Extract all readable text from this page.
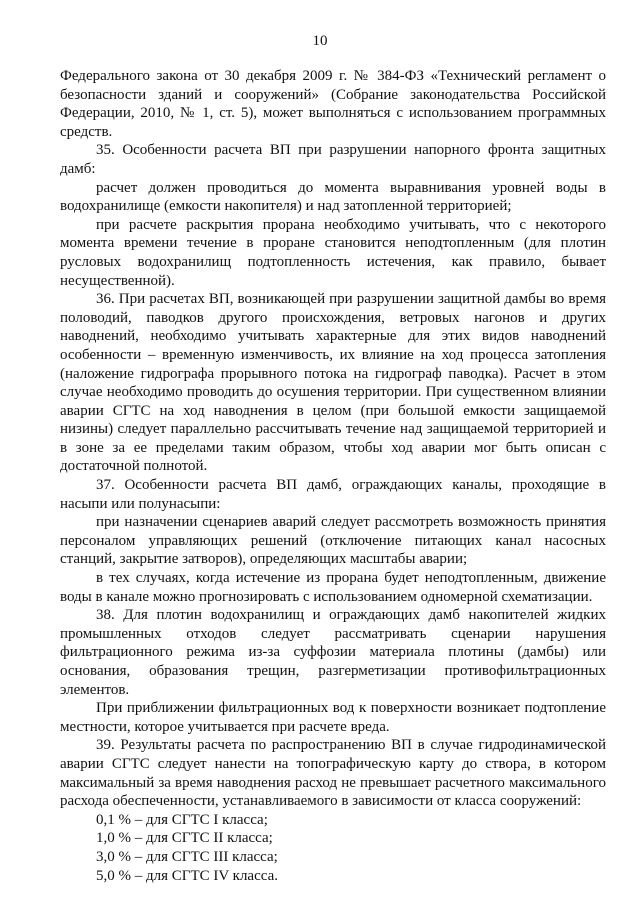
10

Федерального закона от 30 декабря 2009 г. № 384-ФЗ «Технический регламент о безопасности зданий и сооружений» (Собрание законодательства Российской Федерации, 2010, № 1, ст. 5), может выполняться с использованием программных средств.

35. Особенности расчета ВП при разрушении напорного фронта защитных дамб:

расчет должен проводиться до момента выравнивания уровней воды в водохранилище (емкости накопителя) и над затопленной территорией;

при расчете раскрытия прорана необходимо учитывать, что с некоторого момента времени течение в проране становится неподтопленным (для плотин русловых водохранилищ подтопленность истечения, как правило, бывает несущественной).

36. При расчетах ВП, возникающей при разрушении защитной дамбы во время половодий, паводков другого происхождения, ветровых нагонов и других наводнений, необходимо учитывать характерные для этих видов наводнений особенности – временную изменчивость, их влияние на ход процесса затопления (наложение гидрографа прорывного потока на гидрограф паводка). Расчет в этом случае необходимо проводить до осушения территории. При существенном влиянии аварии СГТС на ход наводнения в целом (при большой емкости защищаемой низины) следует параллельно рассчитывать течение над защищаемой территорией и в зоне за ее пределами таким образом, чтобы ход аварии мог быть описан с достаточной полнотой.

37. Особенности расчета ВП дамб, ограждающих каналы, проходящие в насыпи или полунасыпи:

при назначении сценариев аварий следует рассмотреть возможность принятия персоналом управляющих решений (отключение питающих канал насосных станций, закрытие затворов), определяющих масштабы аварии;

в тех случаях, когда истечение из прорана будет неподтопленным, движение воды в канале можно прогнозировать с использованием одномерной схематизации.

38. Для плотин водохранилищ и ограждающих дамб накопителей жидких промышленных отходов следует рассматривать сценарии нарушения фильтрационного режима из-за суффозии материала плотины (дамбы) или основания, образования трещин, разгерметизации противофильтрационных элементов.

При приближении фильтрационных вод к поверхности возникает подтопление местности, которое учитывается при расчете вреда.

39. Результаты расчета по распространению ВП в случае гидродинамической аварии СГТС следует нанести на топографическую карту до створа, в котором максимальный за время наводнения расход не превышает расчетного максимального расхода обеспеченности, устанавливаемого в зависимости от класса сооружений:

0,1 % – для СГТС I класса;
1,0 % – для СГТС II класса;
3,0 % – для СГТС III класса;
5,0 % – для СГТС IV класса.
